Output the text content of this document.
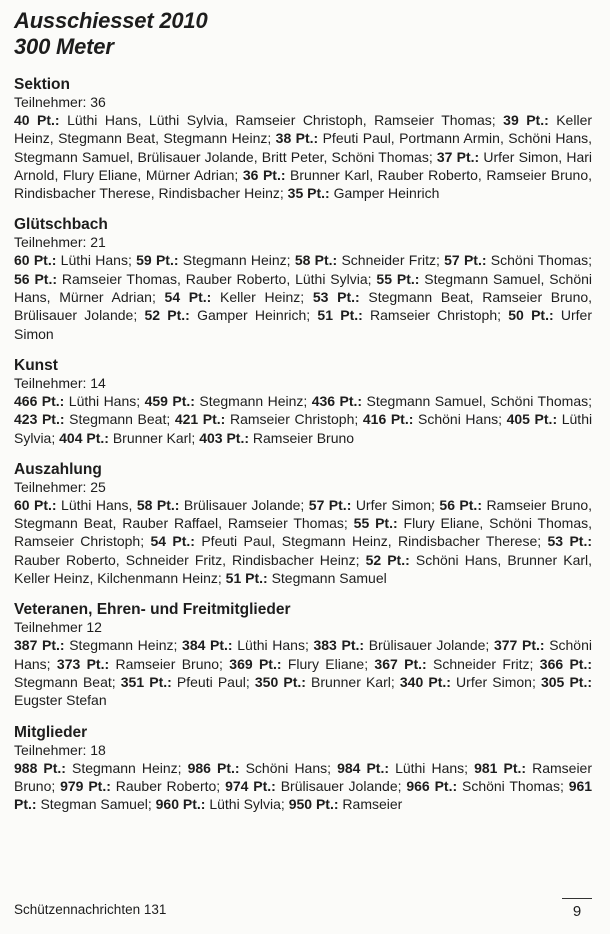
Ausschiesset 2010
300 Meter
Sektion
Teilnehmer: 36
40 Pt.: Lüthi Hans, Lüthi Sylvia, Ramseier Christoph, Ramseier Thomas; 39 Pt.: Keller Heinz, Stegmann Beat, Stegmann Heinz; 38 Pt.: Pfeuti Paul, Portmann Armin, Schöni Hans, Stegmann Samuel, Brülisauer Jolande, Britt Peter, Schöni Thomas; 37 Pt.: Urfer Simon, Hari Arnold, Flury Eliane, Mürner Adrian; 36 Pt.: Brunner Karl, Rauber Roberto, Ramseier Bruno, Rindisbacher Therese, Rindisbacher Heinz; 35 Pt.: Gamper Heinrich
Glütschbach
Teilnehmer: 21
60 Pt.: Lüthi Hans; 59 Pt.: Stegmann Heinz; 58 Pt.: Schneider Fritz; 57 Pt.: Schöni Thomas; 56 Pt.: Ramseier Thomas, Rauber Roberto, Lüthi Sylvia; 55 Pt.: Stegmann Samuel, Schöni Hans, Mürner Adrian; 54 Pt.: Keller Heinz; 53 Pt.: Stegmann Beat, Ramseier Bruno, Brülisauer Jolande; 52 Pt.: Gamper Heinrich; 51 Pt.: Ramseier Christoph; 50 Pt.: Urfer Simon
Kunst
Teilnehmer: 14
466 Pt.: Lüthi Hans; 459 Pt.: Stegmann Heinz; 436 Pt.: Stegmann Samuel, Schöni Thomas; 423 Pt.: Stegmann Beat; 421 Pt.: Ramseier Christoph; 416 Pt.: Schöni Hans; 405 Pt.: Lüthi Sylvia; 404 Pt.: Brunner Karl; 403 Pt.: Ramseier Bruno
Auszahlung
Teilnehmer: 25
60 Pt.: Lüthi Hans, 58 Pt.: Brülisauer Jolande; 57 Pt.: Urfer Simon; 56 Pt.: Ramseier Bruno, Stegmann Beat, Rauber Raffael, Ramseier Thomas; 55 Pt.: Flury Eliane, Schöni Thomas, Ramseier Christoph; 54 Pt.: Pfeuti Paul, Stegmann Heinz, Rindisbacher Therese; 53 Pt.: Rauber Roberto, Schneider Fritz, Rindisbacher Heinz; 52 Pt.: Schöni Hans, Brunner Karl, Keller Heinz, Kilchenmann Heinz; 51 Pt.: Stegmann Samuel
Veteranen, Ehren- und Freitmitglieder
Teilnehmer 12
387 Pt.: Stegmann Heinz; 384 Pt.: Lüthi Hans; 383 Pt.: Brülisauer Jolande; 377 Pt.: Schöni Hans; 373 Pt.: Ramseier Bruno; 369 Pt.: Flury Eliane; 367 Pt.: Schneider Fritz; 366 Pt.: Stegmann Beat; 351 Pt.: Pfeuti Paul; 350 Pt.: Brunner Karl; 340 Pt.: Urfer Simon; 305 Pt.: Eugster Stefan
Mitglieder
Teilnehmer: 18
988 Pt.: Stegmann Heinz; 986 Pt.: Schöni Hans; 984 Pt.: Lüthi Hans; 981 Pt.: Ramseier Bruno; 979 Pt.: Rauber Roberto; 974 Pt.: Brülisauer Jolande; 966 Pt.: Schöni Thomas; 961 Pt.: Stegman Samuel; 960 Pt.: Lüthi Sylvia; 950 Pt.: Ramseier
Schützennachrichten 131	9
